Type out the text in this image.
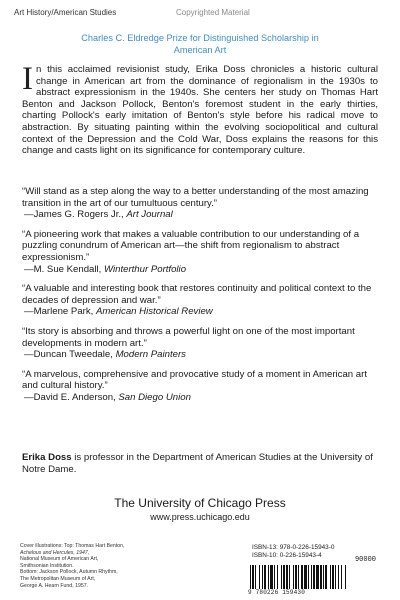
Art History/American Studies	Copyrighted Material
Charles C. Eldredge Prize for Distinguished Scholarship in
American Art
In this acclaimed revisionist study, Erika Doss chronicles a historic cultural change in American art from the dominance of regionalism in the 1930s to abstract expressionism in the 1940s. She centers her study on Thomas Hart Benton and Jackson Pollock, Benton's foremost student in the early thirties, charting Pollock's early imitation of Benton's style before his radical move to abstraction. By situating painting within the evolving sociopolitical and cultural context of the Depression and the Cold War, Doss explains the reasons for this change and casts light on its significance for contemporary culture.
“Will stand as a step along the way to a better understanding of the most amazing transition in the art of our tumultuous century.”
—James G. Rogers Jr., Art Journal
“A pioneering work that makes a valuable contribution to our understanding of a puzzling conundrum of American art—the shift from regionalism to abstract expressionism.”
—M. Sue Kendall, Winterthur Portfolio
“A valuable and interesting book that restores continuity and political context to the decades of depression and war.”
—Marlene Park, American Historical Review
“Its story is absorbing and throws a powerful light on one of the most important developments in modern art.”
—Duncan Tweedale, Modern Painters
“A marvelous, comprehensive and provocative study of a moment in American art and cultural history.”
—David E. Anderson, San Diego Union
Erika Doss is professor in the Department of American Studies at the University of Notre Dame.
The University of Chicago Press
www.press.uchicago.edu
Cover illustrations: Top: Thomas Hart Benton,
Achelous and Hercules, 1947,
National Museum of American Art,
Smithsonian Institution.
Bottom: Jackson Pollock, Autumn Rhythm,
The Metropolitan Museum of Art,
George A. Hearn Fund, 1957.
ISBN-13: 978-0-226-15943-0
ISBN-10: 0-226-15943-4
90000
9 780226 159430
